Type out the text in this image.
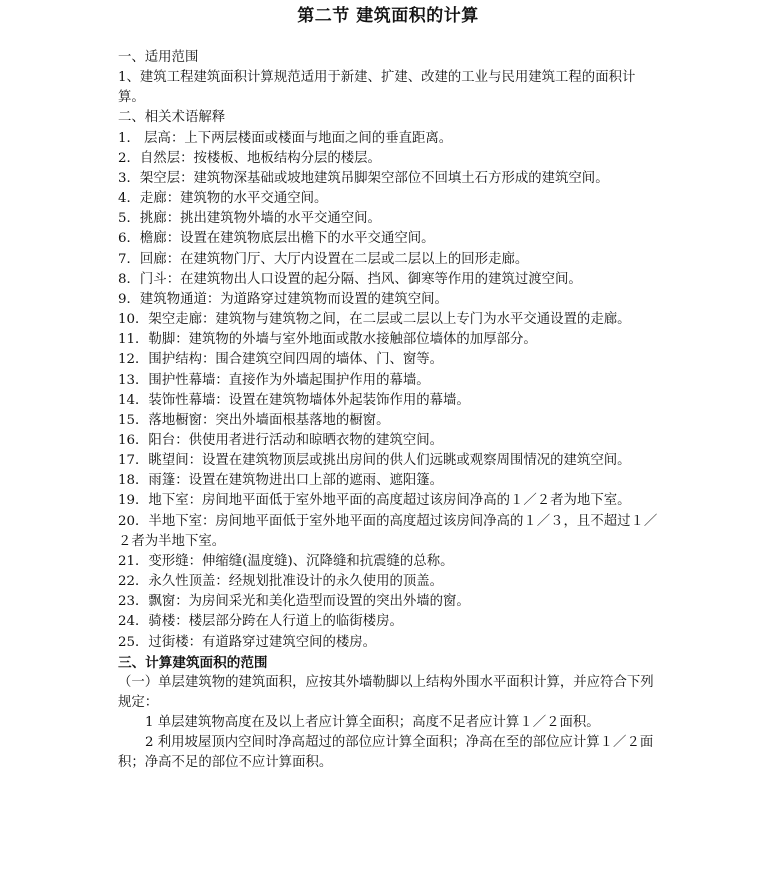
第二节 建筑面积的计算

一、适用范围

1、建筑工程建筑面积计算规范适用于新建、扩建、改建的工业与民用建筑工程的面积计算。

二、相关术语解释

1． 层高：上下两层楼面或楼面与地面之间的垂直距离。

2．自然层：按楼板、地板结构分层的楼层。

3．架空层：建筑物深基础或坡地建筑吊脚架空部位不回填土石方形成的建筑空间。

4．走廊：建筑物的水平交通空间。

5．挑廊：挑出建筑物外墙的水平交通空间。

6．檐廊：设置在建筑物底层出檐下的水平交通空间。

7．回廊：在建筑物门厅、大厅内设置在二层或二层以上的回形走廊。

8．门斗：在建筑物出人口设置的起分隔、挡风、御寒等作用的建筑过渡空间。

9．建筑物通道：为道路穿过建筑物而设置的建筑空间。

10．架空走廊：建筑物与建筑物之间，在二层或二层以上专门为水平交通设置的走廊。

11．勒脚：建筑物的外墙与室外地面或散水接触部位墙体的加厚部分。

12．围护结构：围合建筑空间四周的墙体、门、窗等。

13．围护性幕墙：直接作为外墙起围护作用的幕墙。

14．装饰性幕墙：设置在建筑物墙体外起装饰作用的幕墙。

15．落地橱窗：突出外墙面根基落地的橱窗。

16．阳台：供使用者进行活动和晾晒衣物的建筑空间。

17．眺望间：设置在建筑物顶层或挑出房间的供人们远眺或观察周围情况的建筑空间。

18．雨篷：设置在建筑物进出口上部的遮雨、遮阳篷。

19．地下室：房间地平面低于室外地平面的高度超过该房间净高的１／２者为地下室。

20．半地下室：房间地平面低于室外地平面的高度超过该房间净高的１／３，且不超过１／２者为半地下室。

21．变形缝：伸缩缝(温度缝)、沉降缝和抗震缝的总称。

22．永久性顶盖：经规划批准设计的永久使用的顶盖。

23．飘窗：为房间采光和美化造型而设置的突出外墙的窗。

24．骑楼：楼层部分跨在人行道上的临街楼房。

25．过街楼：有道路穿过建筑空间的楼房。

三、计算建筑面积的范围

（一）单层建筑物的建筑面积，应按其外墙勒脚以上结构外围水平面积计算，并应符合下列规定：

1 单层建筑物高度在及以上者应计算全面积；高度不足者应计算１／２面积。

2 利用坡屋顶内空间时净高超过的部位应计算全面积；净高在至的部位应计算１／２面积；净高不足的部位不应计算面积。
